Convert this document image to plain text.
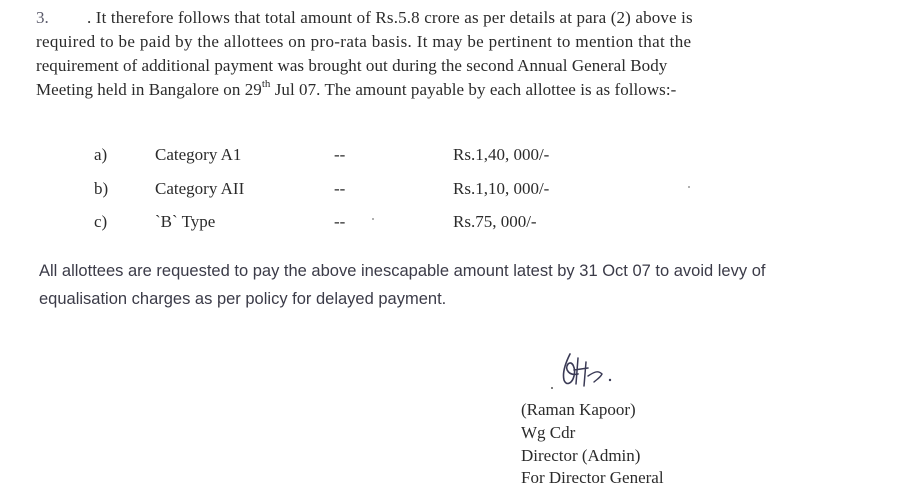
3. . It therefore follows that total amount of Rs.5.8 crore as per details at para (2) above is
required to be paid by the allottees on pro-rata basis. It may be pertinent to mention that the
requirement of additional payment was brought out during the second Annual General Body
Meeting held in Bangalore on 29th Jul 07. The amount payable by each allottee is as follows:-
a)	Category A1	--	Rs.1,40, 000/-
b)	Category AII	--	Rs.1,10, 000/-
c)	`B` Type	--	Rs.75, 000/-
All allottees are requested to pay the above inescapable amount latest by 31 Oct 07 to avoid levy of
equalisation charges as per policy for delayed payment.
(Raman Kapoor)
Wg Cdr
Director (Admin)
For Director General
